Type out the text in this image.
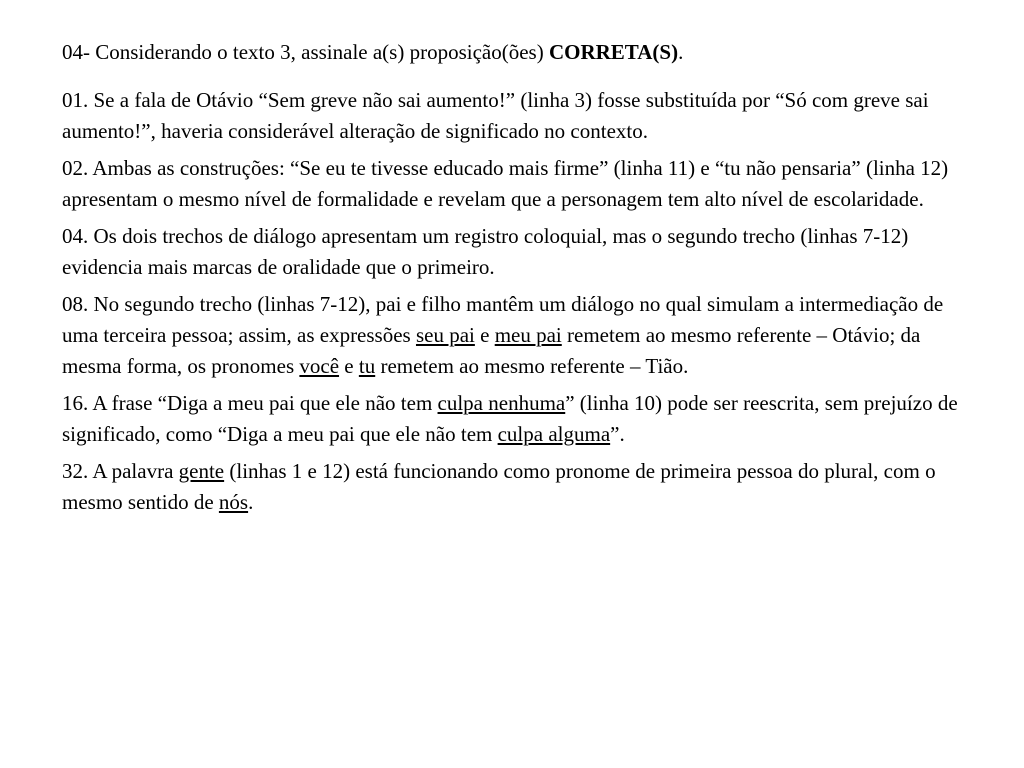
04- Considerando o texto 3, assinale a(s) proposição(ões) CORRETA(S).

01. Se a fala de Otávio “Sem greve não sai aumento!” (linha 3) fosse substituída por “Só com greve sai aumento!”, haveria considerável alteração de significado no contexto.

02. Ambas as construções: “Se eu te tivesse educado mais firme” (linha 11) e “tu não pensaria” (linha 12) apresentam o mesmo nível de formalidade e revelam que a personagem tem alto nível de escolaridade.

04. Os dois trechos de diálogo apresentam um registro coloquial, mas o segundo trecho (linhas 7-12) evidencia mais marcas de oralidade que o primeiro.

08. No segundo trecho (linhas 7-12), pai e filho mantêm um diálogo no qual simulam a intermediação de uma terceira pessoa; assim, as expressões seu pai e meu pai remetem ao mesmo referente – Otávio; da mesma forma, os pronomes você e tu remetem ao mesmo referente – Tião.

16. A frase “Diga a meu pai que ele não tem culpa nenhuma” (linha 10) pode ser reescrita, sem prejuízo de significado, como “Diga a meu pai que ele não tem culpa alguma”.

32. A palavra gente (linhas 1 e 12) está funcionando como pronome de primeira pessoa do plural, com o mesmo sentido de nós.
